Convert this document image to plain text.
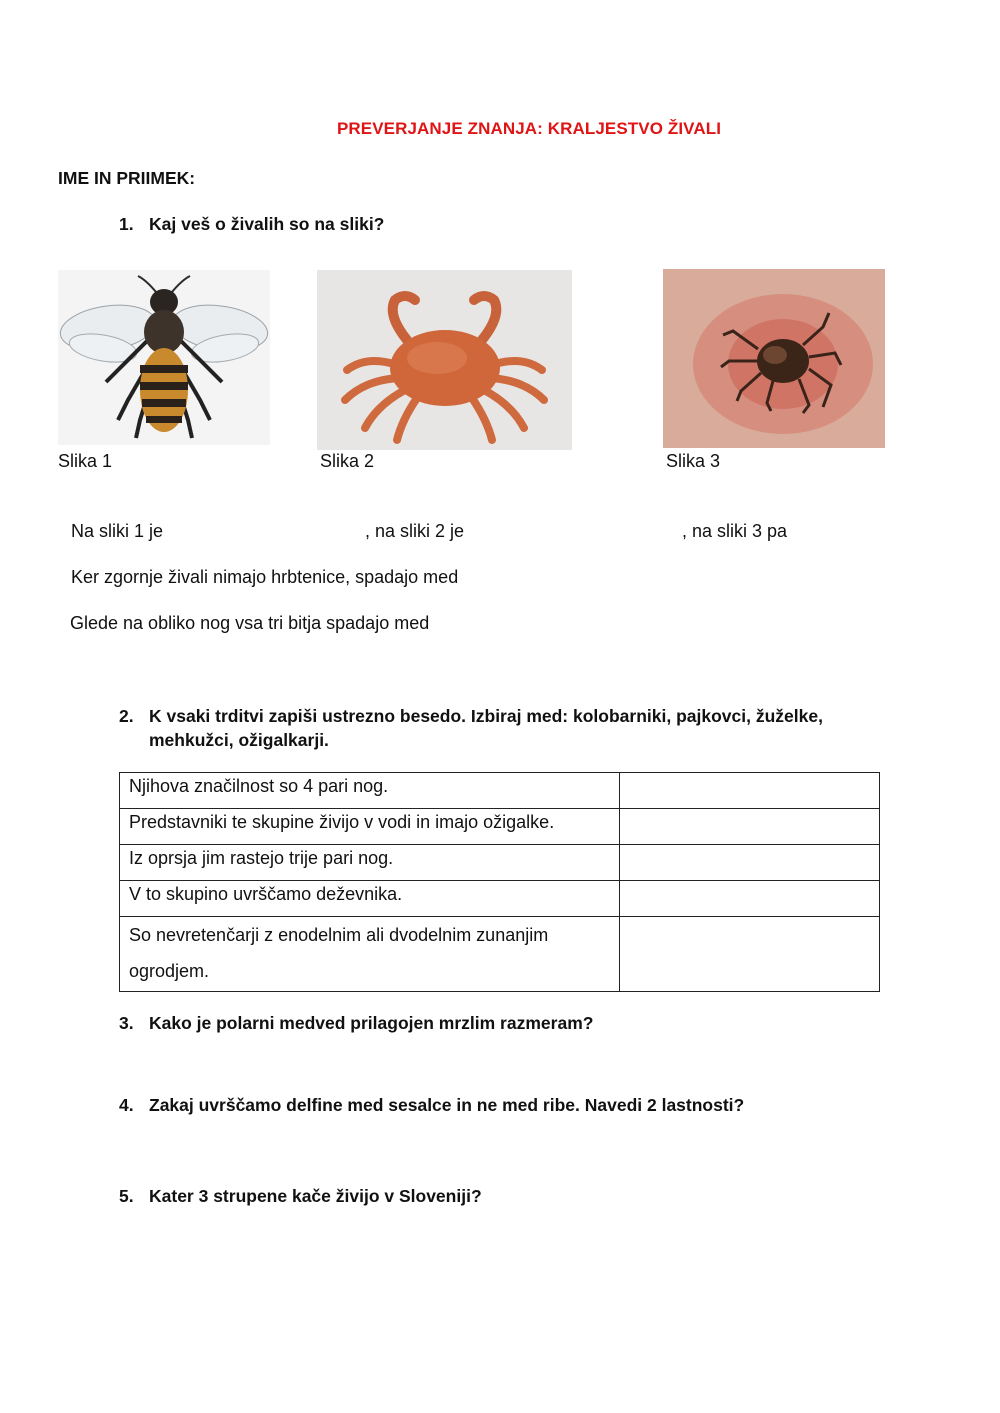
PREVERJANJE ZNANJA: KRALJESTVO ŽIVALI
IME IN PRIIMEK:
1. Kaj veš o živalih so na sliki?
Slika 1	Slika 2	Slika 3
Na sliki 1 je	, na sliki 2 je	, na sliki 3 pa
Ker zgornje živali nimajo hrbtenice, spadajo med
Glede na obliko nog vsa tri bitja spadajo med
2. K vsaki trditvi zapiši ustrezno besedo. Izbiraj med: kolobarniki, pajkovci, žuželke,
mehkužci, ožigalkarji.
Njihova značilnost so 4 pari nog.	
Predstavniki te skupine živijo v vodi in imajo ožigalke.	
Iz oprsja jim rastejo trije pari nog.	
V to skupino uvrščamo deževnika.	
So nevretenčarji z enodelnim ali dvodelnim zunanjim ogrodjem.	
3. Kako je polarni medved prilagojen mrzlim razmeram?
4. Zakaj uvrščamo delfine med sesalce in ne med ribe. Navedi 2 lastnosti?
5. Kater 3 strupene kače živijo v Sloveniji?
